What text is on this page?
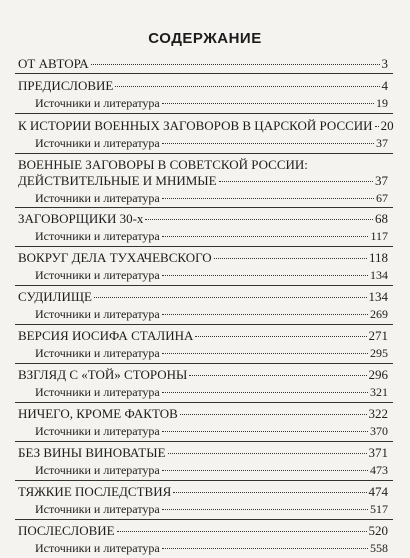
СОДЕРЖАНИЕ
ОТ АВТОРА	3
ПРЕДИСЛОВИЕ	4
Источники и литература	19
К ИСТОРИИ ВОЕННЫХ ЗАГОВОРОВ В ЦАРСКОЙ РОССИИ 20
Источники и литература	37
ВОЕННЫЕ ЗАГОВОРЫ В СОВЕТСКОЙ РОССИИ:
ДЕЙСТВИТЕЛЬНЫЕ И МНИМЫЕ	37
Источники и литература	67
ЗАГОВОРЩИКИ 30-х	68
Источники и литература	117
ВОКРУГ ДЕЛА ТУХАЧЕВСКОГО	118
Источники и литература	134
СУДИЛИЩЕ	134
Источники и литература	269
ВЕРСИЯ ИОСИФА СТАЛИНА	271
Источники и литература	295
ВЗГЛЯД С «ТОЙ» СТОРОНЫ	296
Источники и литература	321
НИЧЕГО, КРОМЕ ФАКТОВ	322
Источники и литература	370
БЕЗ ВИНЫ ВИНОВАТЫЕ	371
Источники и литература	473
ТЯЖКИЕ ПОСЛЕДСТВИЯ	474
Источники и литература	517
ПОСЛЕСЛОВИЕ	520
Источники и литература	558
